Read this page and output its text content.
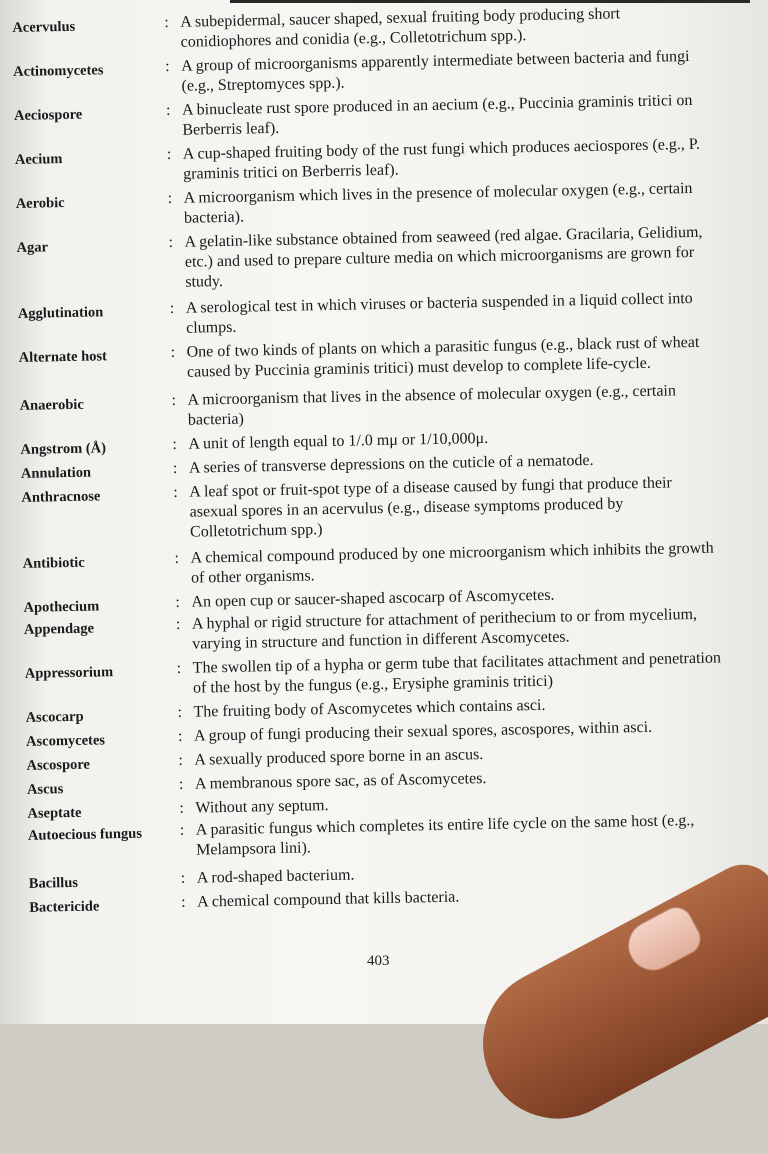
Acervulus	: A subepidermal, saucer shaped, sexual fruiting body producing short conidiophores and conidia (e.g., Colletotrichum spp.).
Actinomycetes	: A group of microorganisms apparently intermediate between bacteria and fungi (e.g., Streptomyces spp.).
Aeciospore	: A binucleate rust spore produced in an aecium (e.g., Puccinia graminis tritici on Berberris leaf).
Aecium	: A cup-shaped fruiting body of the rust fungi which produces aeciospores (e.g., P. graminis tritici on Berberris leaf).
Aerobic	: A microorganism which lives in the presence of molecular oxygen (e.g., certain bacteria).
Agar	: A gelatin-like substance obtained from seaweed (red algae. Gracilaria, Gelidium, etc.) and used to prepare culture media on which microorganisms are grown for study.
Agglutination	: A serological test in which viruses or bacteria suspended in a liquid collect into clumps.
Alternate host	: One of two kinds of plants on which a parasitic fungus (e.g., black rust of wheat caused by Puccinia graminis tritici) must develop to complete life-cycle.
Anaerobic	: A microorganism that lives in the absence of molecular oxygen (e.g., certain bacteria)
Angstrom (Å)	: A unit of length equal to 1/.0 mμ or 1/10,000μ.
Annulation	: A series of transverse depressions on the cuticle of a nematode.
Anthracnose	: A leaf spot or fruit-spot type of a disease caused by fungi that produce their asexual spores in an acervulus (e.g., disease symptoms produced by Colletotrichum spp.)
Antibiotic	: A chemical compound produced by one microorganism which inhibits the growth of other organisms.
Apothecium	: An open cup or saucer-shaped ascocarp of Ascomycetes.
Appendage	: A hyphal or rigid structure for attachment of perithecium to or from mycelium, varying in structure and function in different Ascomycetes.
Appressorium	: The swollen tip of a hypha or germ tube that facilitates attachment and penetration of the host by the fungus (e.g., Erysiphe graminis tritici)
Ascocarp	: The fruiting body of Ascomycetes which contains asci.
Ascomycetes	: A group of fungi producing their sexual spores, ascospores, within asci.
Ascospore	: A sexually produced spore borne in an ascus.
Ascus	: A membranous spore sac, as of Ascomycetes.
Aseptate	: Without any septum.
Autoecious fungus	: A parasitic fungus which completes its entire life cycle on the same host (e.g., Melampsora lini).
Bacillus	: A rod-shaped bacterium.
Bactericide	: A chemical compound that kills bacteria.
403
